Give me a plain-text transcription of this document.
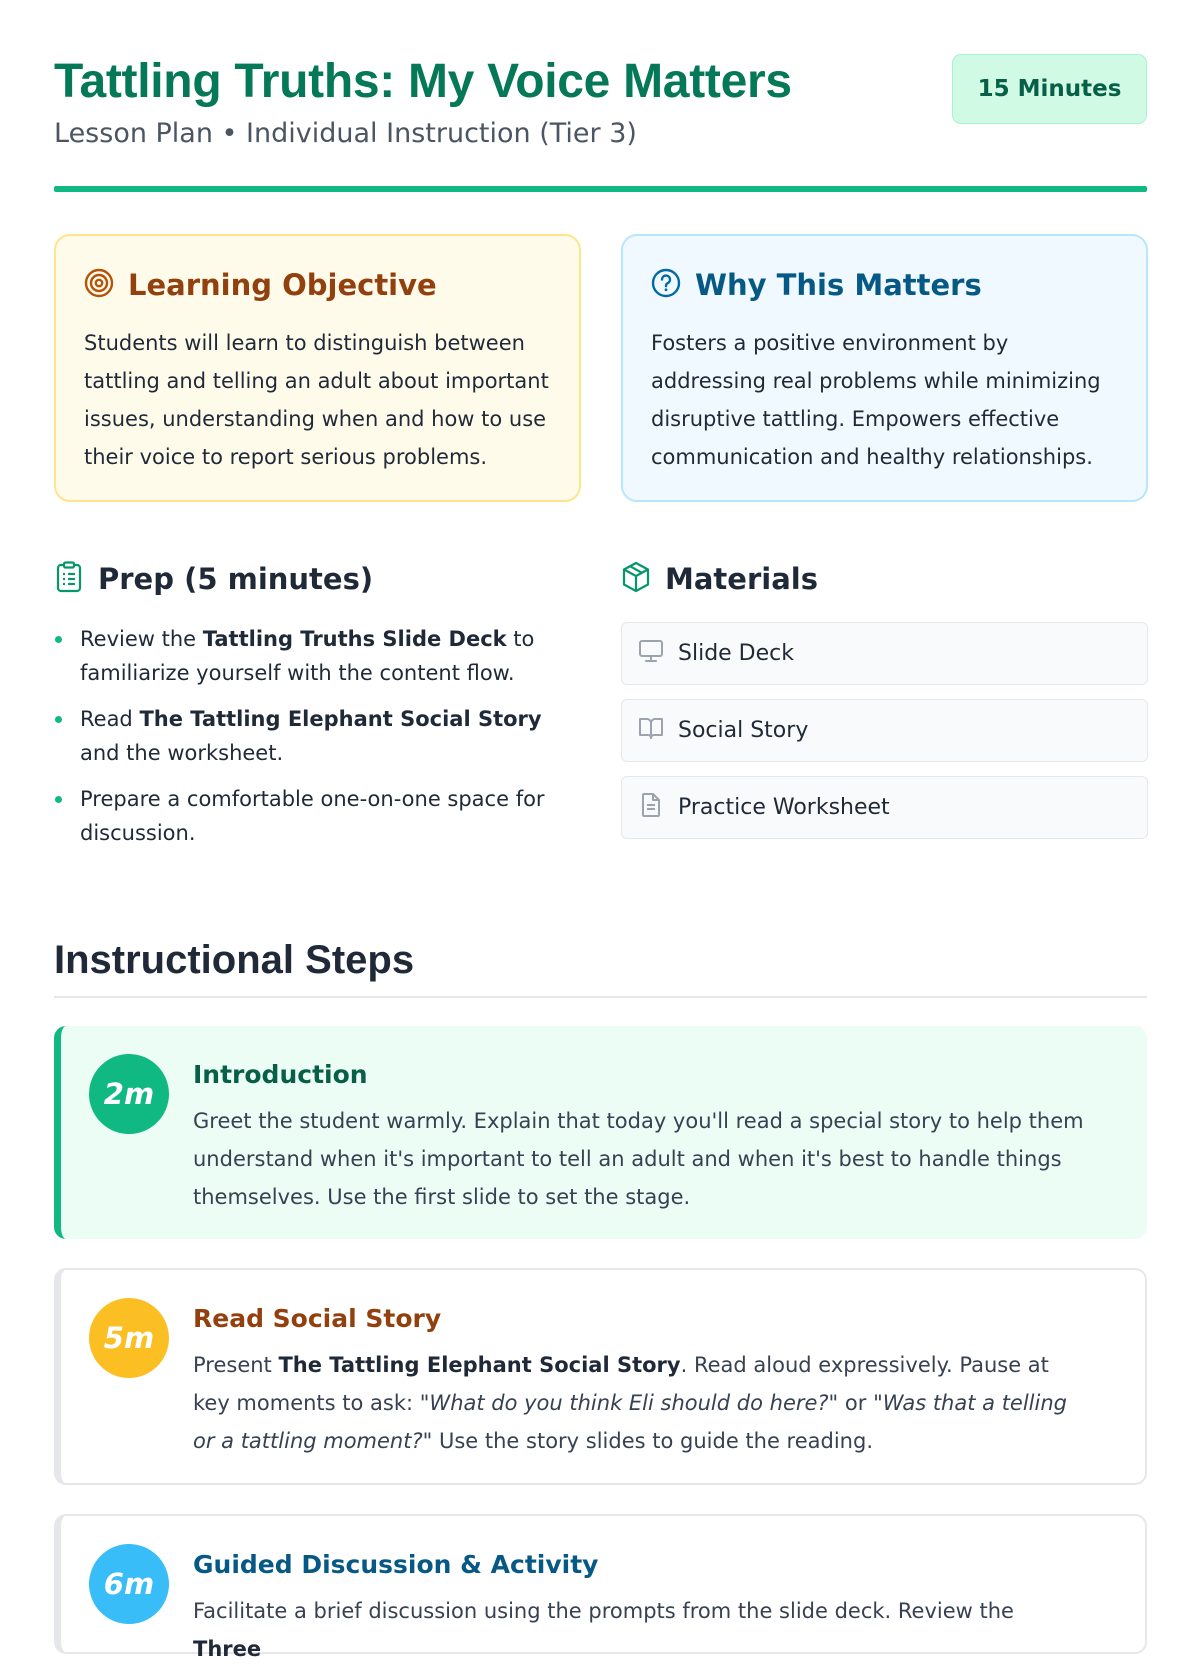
Tattling Truths: My Voice Matters
Lesson Plan • Individual Instruction (Tier 3)
15 Minutes
Learning Objective

Students will learn to distinguish between tattling and telling an adult about important issues, understanding when and how to use their voice to report serious problems.

Why This Matters

Fosters a positive environment by addressing real problems while minimizing disruptive tattling. Empowers effective communication and healthy relationships.

Prep (5 minutes)
Review the Tattling Truths Slide Deck to familiarize yourself with the content flow.
Read The Tattling Elephant Social Story and the worksheet.
Prepare a comfortable one-on-one space for discussion.
Materials
Slide Deck
Social Story
Practice Worksheet
Instructional Steps
2m
Introduction

Greet the student warmly. Explain that today you'll read a special story to help them understand when it's important to tell an adult and when it's best to handle things themselves. Use the first slide to set the stage.

5m
Read Social Story

Present The Tattling Elephant Social Story. Read aloud expressively. Pause at key moments to ask: "What do you think Eli should do here?" or "Was that a telling or a tattling moment?" Use the story slides to guide the reading.

6m
Guided Discussion & Activity

Facilitate a brief discussion using the prompts from the slide deck. Review the Three
